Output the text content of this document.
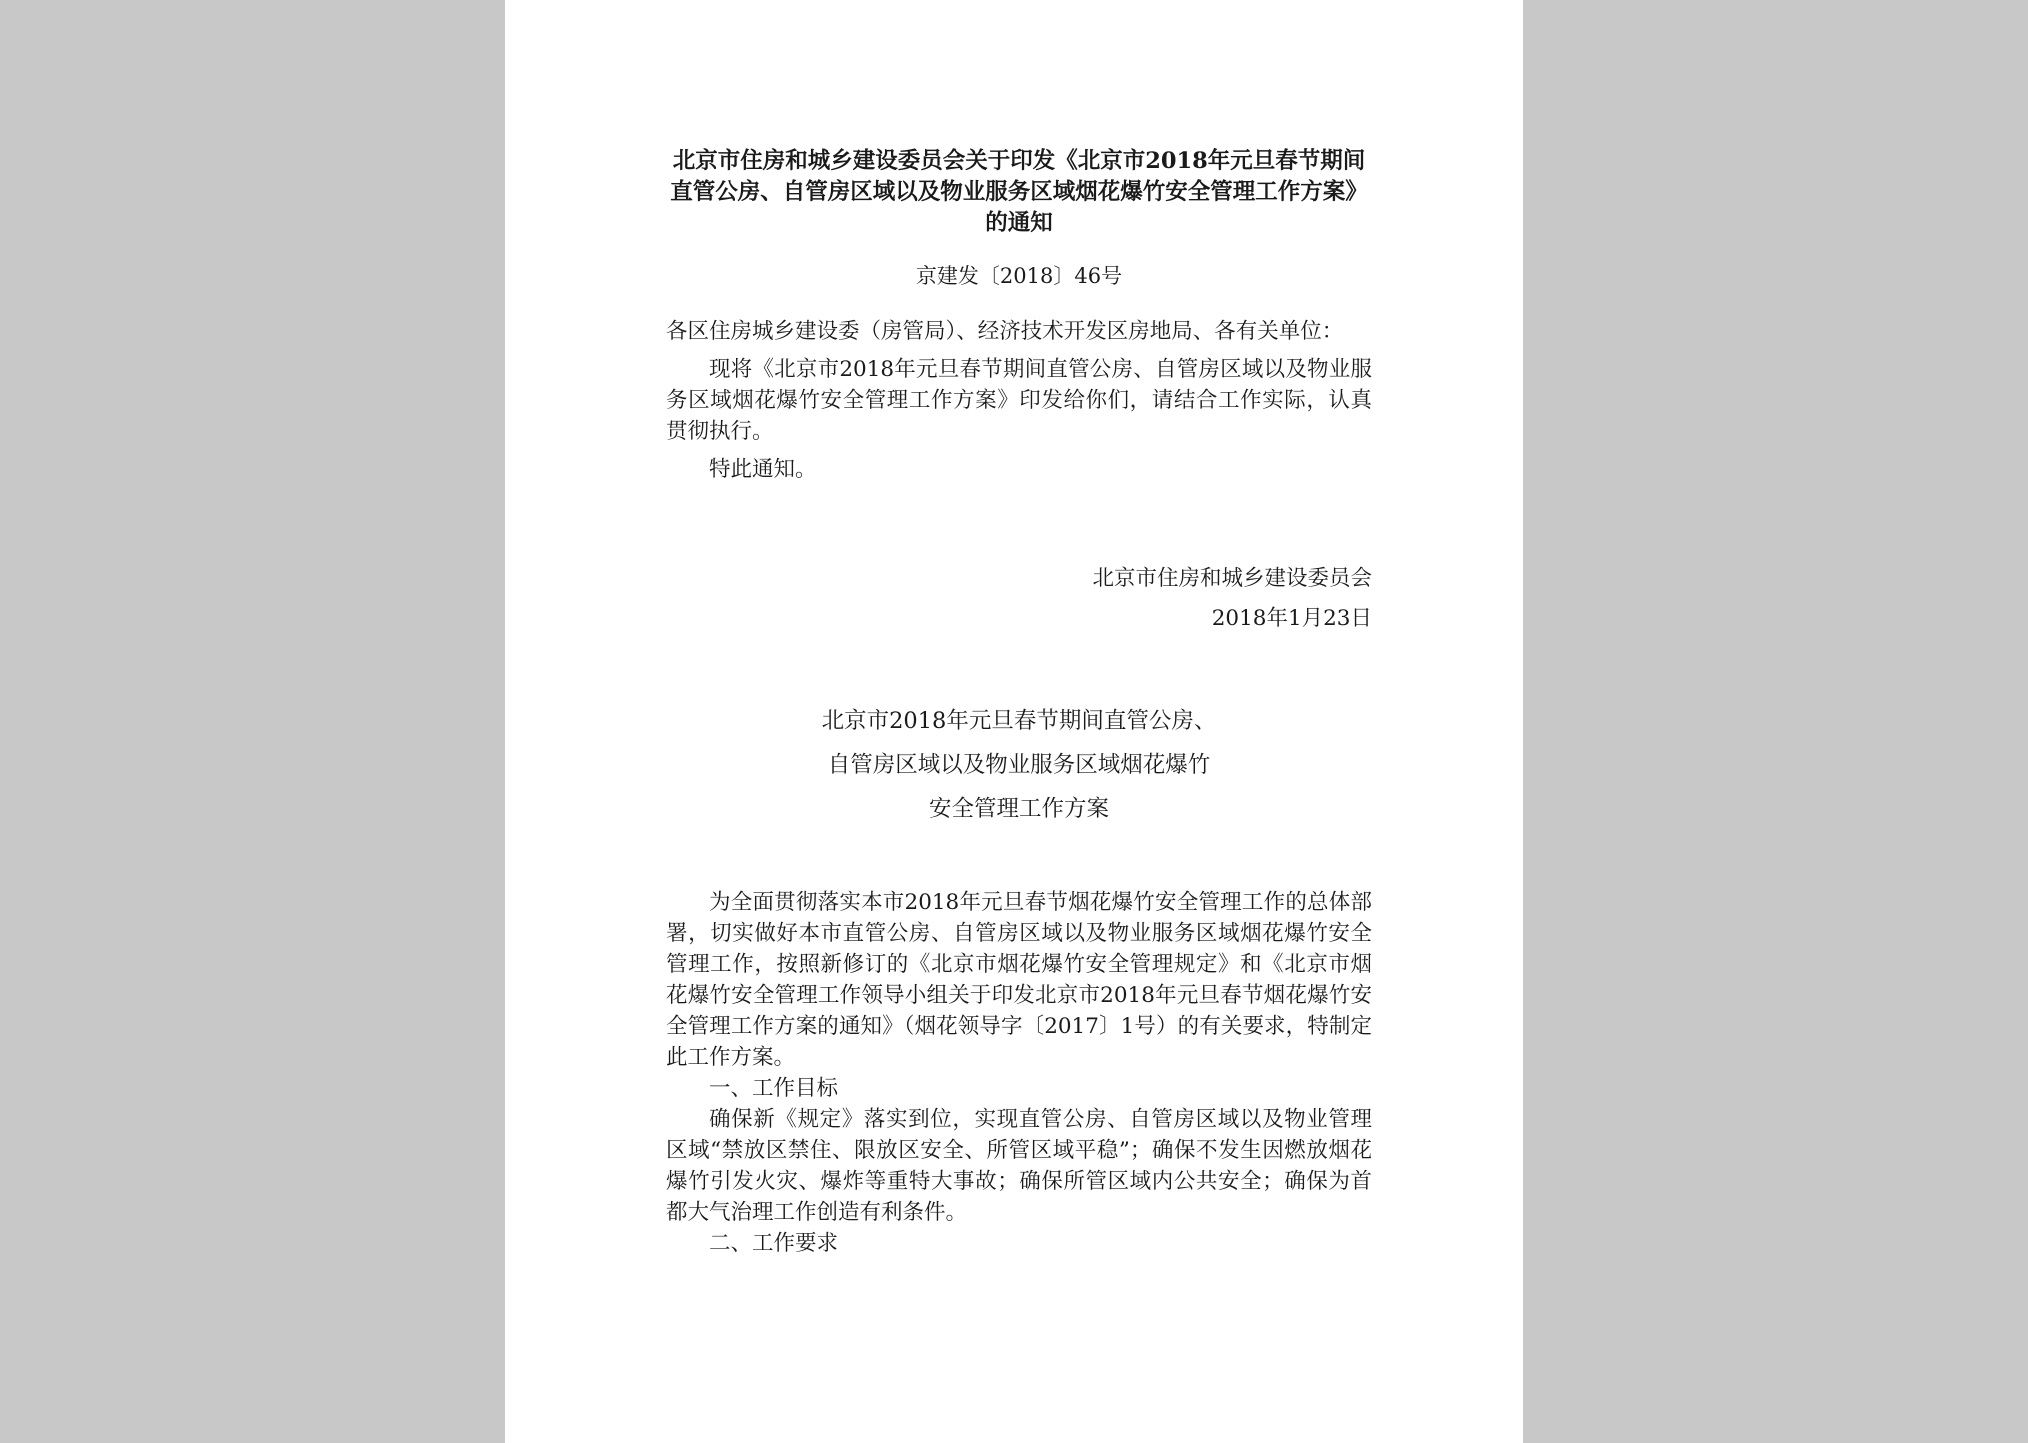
北京市住房和城乡建设委员会关于印发《北京市2018年元旦春节期间直管公房、自管房区域以及物业服务区域烟花爆竹安全管理工作方案》的通知

京建发〔2018〕46号

各区住房城乡建设委（房管局）、经济技术开发区房地局、各有关单位：

现将《北京市2018年元旦春节期间直管公房、自管房区域以及物业服务区域烟花爆竹安全管理工作方案》印发给你们，请结合工作实际，认真贯彻执行。

特此通知。

北京市住房和城乡建设委员会
2018年1月23日
北京市2018年元旦春节期间直管公房、
自管房区域以及物业服务区域烟花爆竹
安全管理工作方案

为全面贯彻落实本市2018年元旦春节烟花爆竹安全管理工作的总体部署，切实做好本市直管公房、自管房区域以及物业服务区域烟花爆竹安全管理工作，按照新修订的《北京市烟花爆竹安全管理规定》和《北京市烟花爆竹安全管理工作领导小组关于印发北京市2018年元旦春节烟花爆竹安全管理工作方案的通知》（烟花领导字〔2017〕1号）的有关要求，特制定此工作方案。

一、工作目标

确保新《规定》落实到位，实现直管公房、自管房区域以及物业管理区域“禁放区禁住、限放区安全、所管区域平稳”；确保不发生因燃放烟花爆竹引发火灾、爆炸等重特大事故；确保所管区域内公共安全；确保为首都大气治理工作创造有利条件。

二、工作要求
